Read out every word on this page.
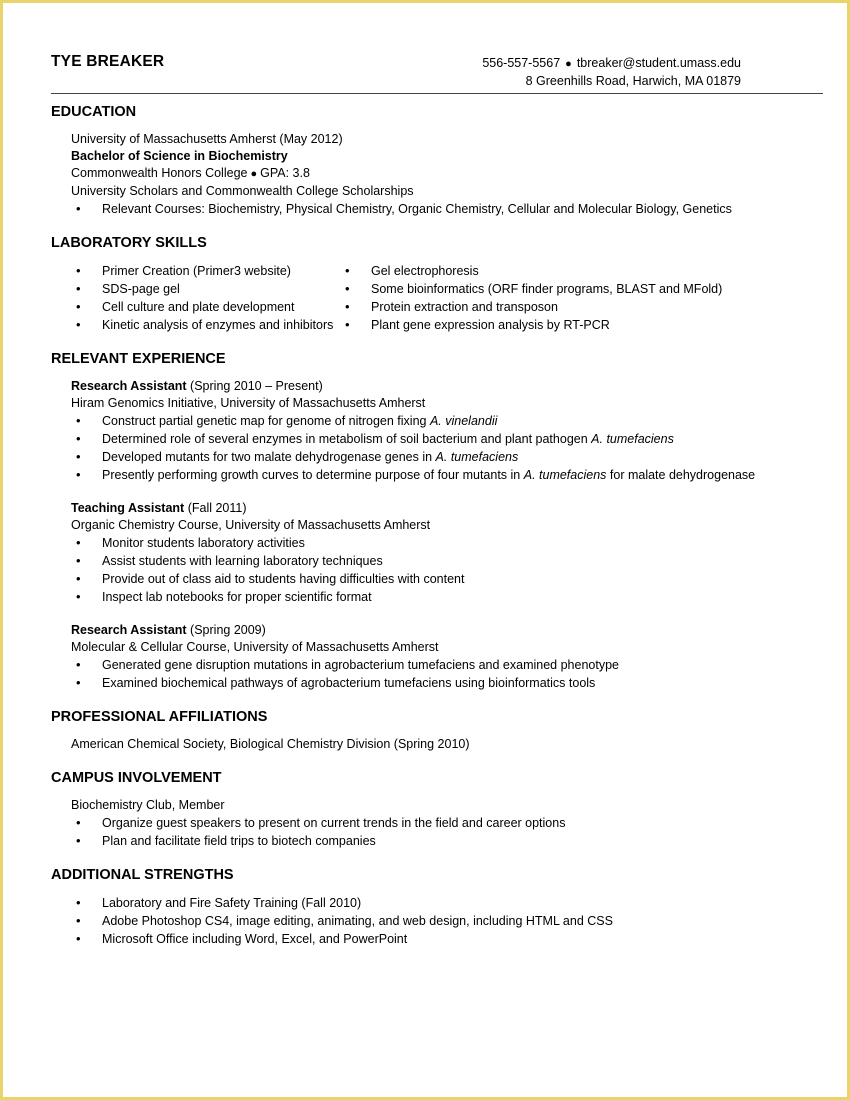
TYE BREAKER	556-557-5567 ● tbreaker@student.umass.edu
8 Greenhills Road, Harwich, MA 01879
EDUCATION
University of Massachusetts Amherst (May 2012)
Bachelor of Science in Biochemistry
Commonwealth Honors College ● GPA: 3.8
University Scholars and Commonwealth College Scholarships
• Relevant Courses: Biochemistry, Physical Chemistry, Organic Chemistry, Cellular and Molecular Biology, Genetics
LABORATORY SKILLS
• Primer Creation (Primer3 website)
• SDS-page gel
• Cell culture and plate development
• Kinetic analysis of enzymes and inhibitors
• Gel electrophoresis
• Some bioinformatics (ORF finder programs, BLAST and MFold)
• Protein extraction and transposon
• Plant gene expression analysis by RT-PCR
RELEVANT EXPERIENCE
Research Assistant (Spring 2010 – Present)
Hiram Genomics Initiative, University of Massachusetts Amherst
• Construct partial genetic map for genome of nitrogen fixing A. vinelandii
• Determined role of several enzymes in metabolism of soil bacterium and plant pathogen A. tumefaciens
• Developed mutants for two malate dehydrogenase genes in A. tumefaciens
• Presently performing growth curves to determine purpose of four mutants in A. tumefaciens for malate dehydrogenase
Teaching Assistant (Fall 2011)
Organic Chemistry Course, University of Massachusetts Amherst
• Monitor students laboratory activities
• Assist students with learning laboratory techniques
• Provide out of class aid to students having difficulties with content
• Inspect lab notebooks for proper scientific format
Research Assistant (Spring 2009)
Molecular & Cellular Course, University of Massachusetts Amherst
• Generated gene disruption mutations in agrobacterium tumefaciens and examined phenotype
• Examined biochemical pathways of agrobacterium tumefaciens using bioinformatics tools
PROFESSIONAL AFFILIATIONS
American Chemical Society, Biological Chemistry Division (Spring 2010)
CAMPUS INVOLVEMENT
Biochemistry Club, Member
• Organize guest speakers to present on current trends in the field and career options
• Plan and facilitate field trips to biotech companies
ADDITIONAL STRENGTHS
• Laboratory and Fire Safety Training (Fall 2010)
• Adobe Photoshop CS4, image editing, animating, and web design, including HTML and CSS
• Microsoft Office including Word, Excel, and PowerPoint
